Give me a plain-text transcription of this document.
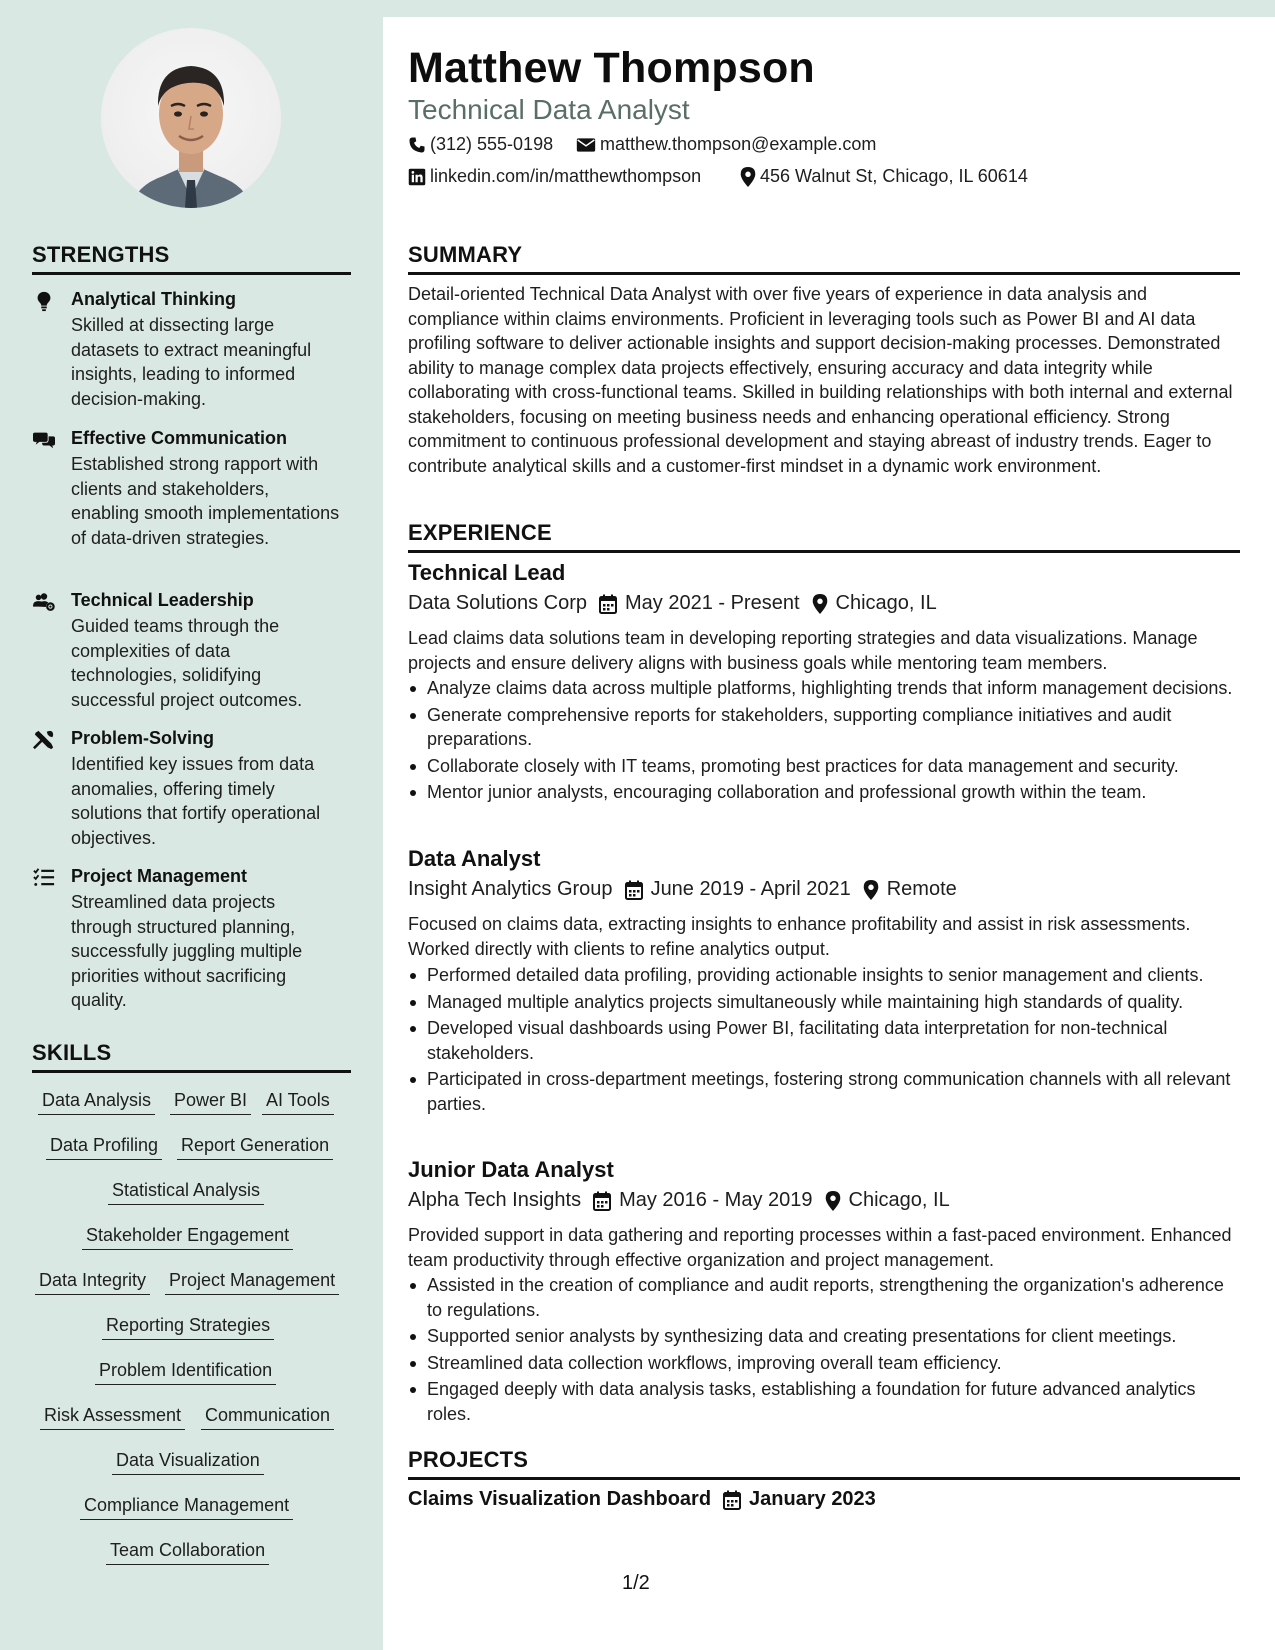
STRENGTHS
Analytical Thinking
Skilled at dissecting large datasets to extract meaningful insights, leading to informed decision-making.
Effective Communication
Established strong rapport with clients and stakeholders, enabling smooth implementations of data-driven strategies.
Technical Leadership
Guided teams through the complexities of data technologies, solidifying successful project outcomes.
Problem-Solving
Identified key issues from data anomalies, offering timely solutions that fortify operational objectives.
Project Management
Streamlined data projects through structured planning, successfully juggling multiple priorities without sacrificing quality.
SKILLS
Data Analysis Power BI AI Tools
Data Profiling Report Generation
Statistical Analysis
Stakeholder Engagement
Data Integrity Project Management
Reporting Strategies
Problem Identification
Risk Assessment Communication
Data Visualization
Compliance Management
Team Collaboration
Matthew Thompson
Technical Data Analyst
(312) 555-0198	matthew.thompson@example.com
linkedin.com/in/matthewthompson	456 Walnut St, Chicago, IL 60614
SUMMARY
Detail-oriented Technical Data Analyst with over five years of experience in data analysis and compliance within claims environments. Proficient in leveraging tools such as Power BI and AI data profiling software to deliver actionable insights and support decision-making processes. Demonstrated ability to manage complex data projects effectively, ensuring accuracy and data integrity while collaborating with cross-functional teams. Skilled in building relationships with both internal and external stakeholders, focusing on meeting business needs and enhancing operational efficiency. Strong commitment to continuous professional development and staying abreast of industry trends. Eager to contribute analytical skills and a customer-first mindset in a dynamic work environment.
EXPERIENCE
Technical Lead
Data Solutions Corp May 2021 - Present Chicago, IL
Lead claims data solutions team in developing reporting strategies and data visualizations. Manage projects and ensure delivery aligns with business goals while mentoring team members.
Analyze claims data across multiple platforms, highlighting trends that inform management decisions.
Generate comprehensive reports for stakeholders, supporting compliance initiatives and audit preparations.
Collaborate closely with IT teams, promoting best practices for data management and security.
Mentor junior analysts, encouraging collaboration and professional growth within the team.
Data Analyst
Insight Analytics Group June 2019 - April 2021 Remote
Focused on claims data, extracting insights to enhance profitability and assist in risk assessments. Worked directly with clients to refine analytics output.
Performed detailed data profiling, providing actionable insights to senior management and clients.
Managed multiple analytics projects simultaneously while maintaining high standards of quality.
Developed visual dashboards using Power BI, facilitating data interpretation for non-technical stakeholders.
Participated in cross-department meetings, fostering strong communication channels with all relevant parties.
Junior Data Analyst
Alpha Tech Insights May 2016 - May 2019 Chicago, IL
Provided support in data gathering and reporting processes within a fast-paced environment. Enhanced team productivity through effective organization and project management.
Assisted in the creation of compliance and audit reports, strengthening the organization's adherence to regulations.
Supported senior analysts by synthesizing data and creating presentations for client meetings.
Streamlined data collection workflows, improving overall team efficiency.
Engaged deeply with data analysis tasks, establishing a foundation for future advanced analytics roles.
PROJECTS
Claims Visualization Dashboard January 2023
1/2
